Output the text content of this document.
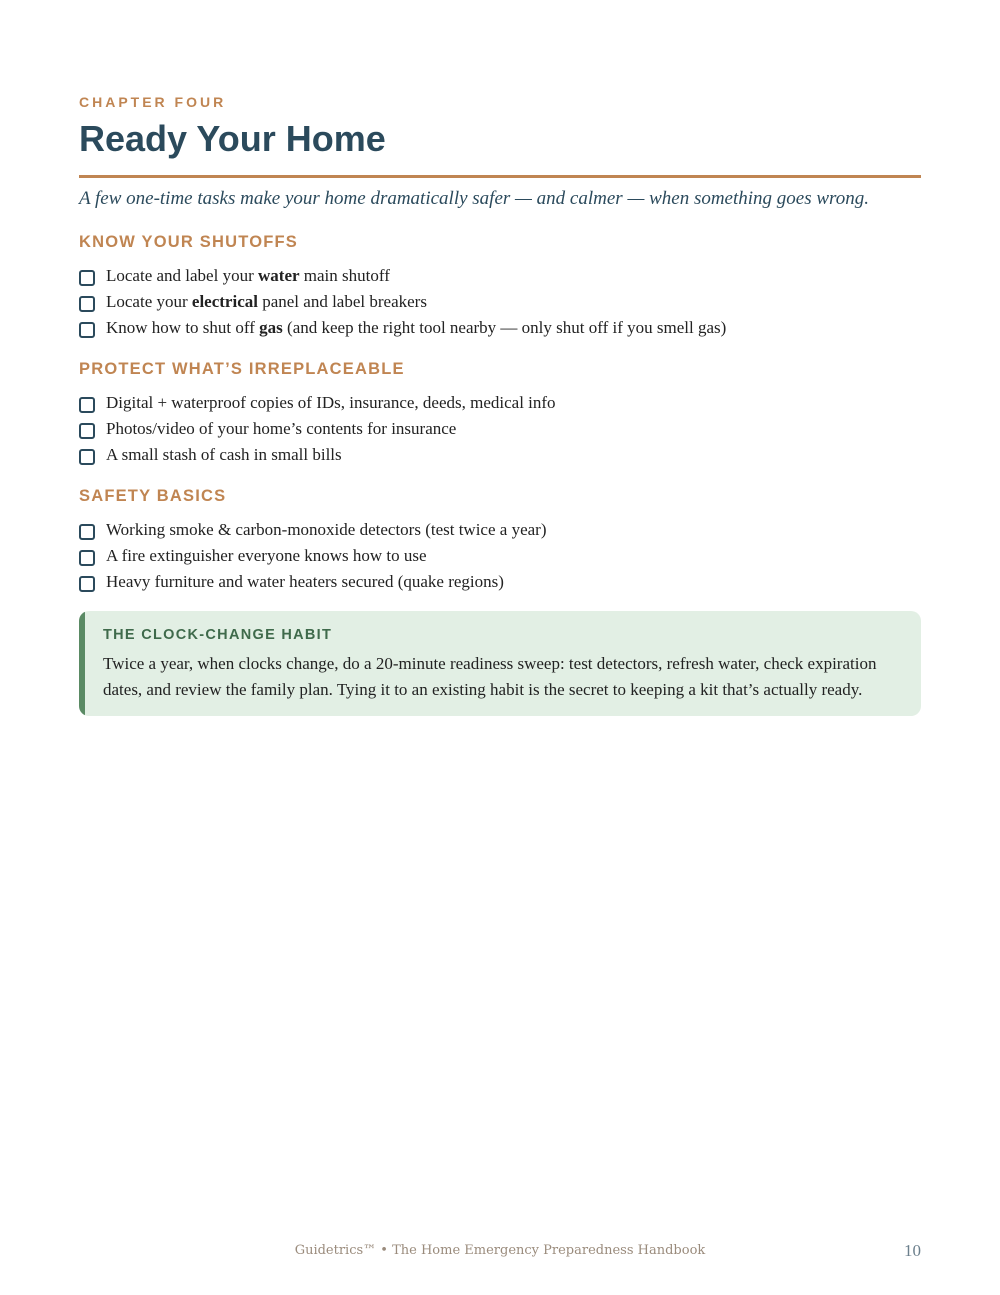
CHAPTER FOUR
Ready Your Home
A few one-time tasks make your home dramatically safer — and calmer — when something goes wrong.
KNOW YOUR SHUTOFFS
Locate and label your water main shutoff
Locate your electrical panel and label breakers
Know how to shut off gas (and keep the right tool nearby — only shut off if you smell gas)
PROTECT WHAT’S IRREPLACEABLE
Digital + waterproof copies of IDs, insurance, deeds, medical info
Photos/video of your home’s contents for insurance
A small stash of cash in small bills
SAFETY BASICS
Working smoke & carbon-monoxide detectors (test twice a year)
A fire extinguisher everyone knows how to use
Heavy furniture and water heaters secured (quake regions)
THE CLOCK-CHANGE HABIT
Twice a year, when clocks change, do a 20-minute readiness sweep: test detectors, refresh water, check expiration dates, and review the family plan. Tying it to an existing habit is the secret to keeping a kit that’s actually ready.
Guidetrics™ • The Home Emergency Preparedness Handbook	10
